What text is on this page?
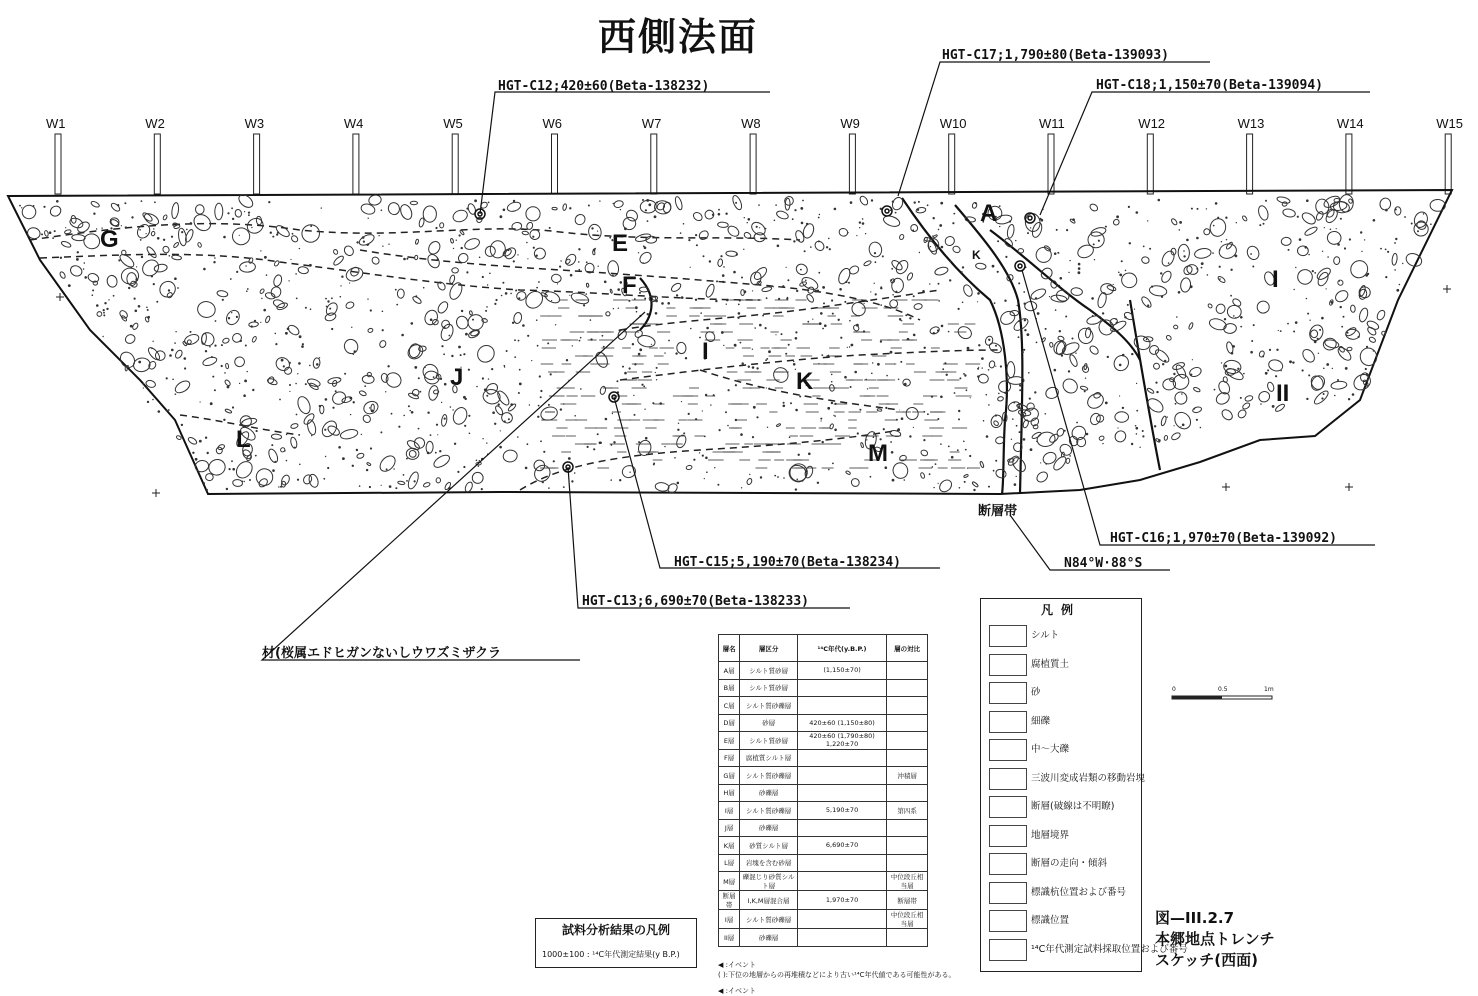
西側法面
W1	W2	W3	W4	W5	W6	W7	W8	W9	W10	W11	W12	W13	W14	W15
G	E
F
A
K
I
J	K
M
L
II
I
HGT-C12;420±60(Beta-138232)
HGT-C17;1,790±80(Beta-139093)
HGT-C18;1,150±70(Beta-139094)
HGT-C16;1,970±70(Beta-139092)
HGT-C15;5,190±70(Beta-138234)
HGT-C13;6,690±70(Beta-138233)
断層帯
N84°W·88°S
材(桜属エドヒガンないしウワズミザクラ	層名	層区分	¹⁴C年代(y.B.P.)	層の対比
A層	シルト質砂層	(1,150±70)	
B層	シルト質砂層		
C層	シルト質砂礫層		
D層	砂層	420±60 (1,150±80)	
E層	シルト質砂層	420±60 (1,790±80) 1,220±70	
F層	腐植質シルト層		
G層	シルト質砂礫層		沖積層
H層	砂礫層		
I層	シルト質砂礫層	5,190±70	第四系
J層	砂礫層		
K層	砂質シルト層	6,690±70	
L層	岩塊を含む砂層		
M層	礫混じり砂質シルト層		中位段丘相当層
断層帯	I,K,M層混合層	1,970±70	断層帯
I層	シルト質砂礫層		中位段丘相当層
II層	砂礫層		
◀ :イベント
( ):下位の地層からの再堆積などにより古い¹⁴C年代値である可能性がある。
◀ :イベント
凡例
シルト
腐植質土
砂
細礫
中～大礫
三波川変成岩類の移動岩塊
断層(破線は不明瞭)
地層境界
断層の走向・傾斜
標識杭位置および番号
標識位置
¹⁴C年代測定試料採取位置および番号
0	0.5	1m
試料分析結果の凡例
1000±100 : ¹⁴C年代測定結果(y B.P.)
図—III.2.7
本郷地点トレンチ
スケッチ(西面)
